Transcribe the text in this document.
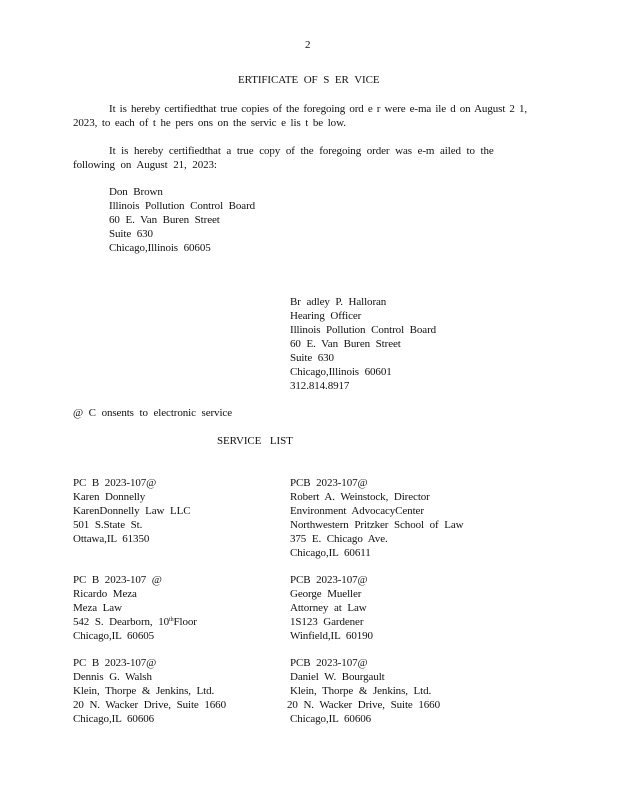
2
ERTIFICATE OF S ER VICE
It is hereby certifiedthat true copies of the foregoing ord e r were e-ma ile d on August 2 1,
2023, to each of t he pers ons on the servic e lis t be low.
It is hereby certifiedthat a true copy of the foregoing order was e-m ailed to the
following on August 21, 2023:
Don Brown
Illinois Pollution Control Board
60 E. Van Buren Street
Suite 630
Chicago,Illinois 60605
Br adley P. Halloran
Hearing Officer
Illinois Pollution Control Board
60 E. Van Buren Street
Suite 630
Chicago,Illinois 60601
312.814.8917
@ C onsents to electronic service
SERVICE LIST
PC B 2023-107@
Karen Donnelly
KarenDonnelly Law LLC
501 S.State St.
Ottawa,IL 61350
PC B 2023-107 @
Ricardo Meza
Meza Law
542 S. Dearborn, 10thFloor
Chicago,IL 60605
PC B 2023-107@
Dennis G. Walsh
Klein, Thorpe & Jenkins, Ltd.
20 N. Wacker Drive, Suite 1660
Chicago,IL 60606
PCB 2023-107@
Robert A. Weinstock, Director
Environment AdvocacyCenter
Northwestern Pritzker School of Law
375 E. Chicago Ave.
Chicago,IL 60611
PCB 2023-107@
George Mueller
Attorney at Law
1S123 Gardener
Winfield,IL 60190
PCB 2023-107@
Daniel W. Bourgault
Klein, Thorpe & Jenkins, Ltd.
20 N. Wacker Drive, Suite 1660
Chicago,IL 60606
